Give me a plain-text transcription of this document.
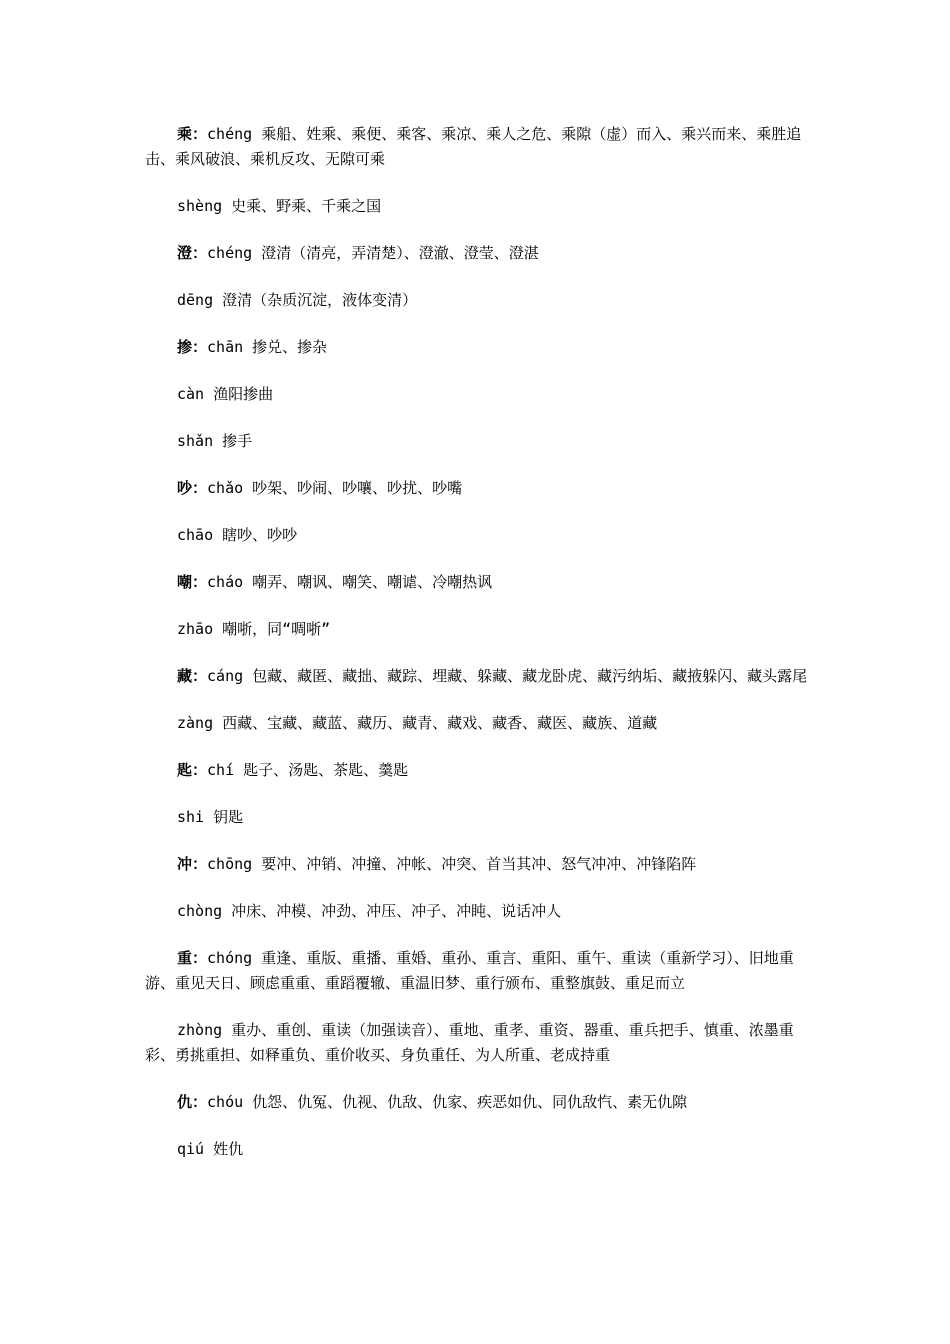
乘：chéng 乘船、姓乘、乘便、乘客、乘凉、乘人之危、乘隙（虚）而入、乘兴而来、乘胜追击、乘风破浪、乘机反攻、无隙可乘

shèng 史乘、野乘、千乘之国

澄：chéng 澄清（清亮，弄清楚）、澄澈、澄莹、澄湛

dēng 澄清（杂质沉淀，液体变清）

掺：chān 掺兑、掺杂

càn 渔阳掺曲

shǎn 掺手

吵：chǎo 吵架、吵闹、吵嚷、吵扰、吵嘴

chāo 瞎吵、吵吵

嘲：cháo 嘲弄、嘲讽、嘲笑、嘲谑、冷嘲热讽

zhāo 嘲哳，同“啁哳”

藏：cáng 包藏、藏匿、藏拙、藏踪、埋藏、躲藏、藏龙卧虎、藏污纳垢、藏掖躲闪、藏头露尾

zàng 西藏、宝藏、藏蓝、藏历、藏青、藏戏、藏香、藏医、藏族、道藏

匙：chí 匙子、汤匙、茶匙、羹匙

shi 钥匙

冲：chōng 要冲、冲销、冲撞、冲帐、冲突、首当其冲、怒气冲冲、冲锋陷阵

chòng 冲床、冲模、冲劲、冲压、冲子、冲盹、说话冲人

重：chóng 重逢、重版、重播、重婚、重孙、重言、重阳、重午、重读（重新学习）、旧地重游、重见天日、顾虑重重、重蹈覆辙、重温旧梦、重行颁布、重整旗鼓、重足而立

zhòng 重办、重创、重读（加强读音）、重地、重孝、重资、器重、重兵把手、慎重、浓墨重彩、勇挑重担、如释重负、重价收买、身负重任、为人所重、老成持重

仇：chóu 仇怨、仇冤、仇视、仇敌、仇家、疾恶如仇、同仇敌忾、素无仇隙

qiú 姓仇
